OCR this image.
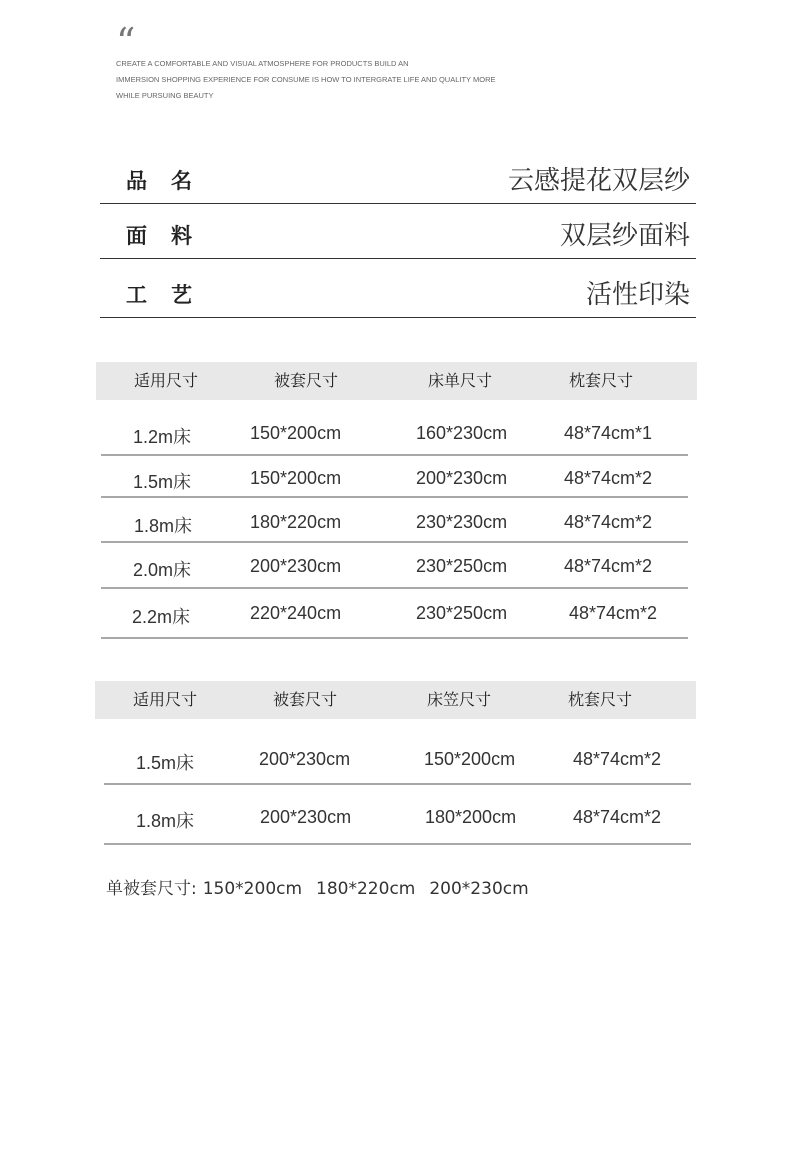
“
CREATE A COMFORTABLE AND VISUAL ATMOSPHERE FOR PRODUCTS BUILD AN
IMMERSION SHOPPING EXPERIENCE FOR CONSUME IS HOW TO INTERGRATE LIFE AND QUALITY MORE
WHILE PURSUING BEAUTY
品名	云感提花双层纱
面料	双层纱面料
工艺	活性印染
适用尺寸	被套尺寸	床单尺寸	枕套尺寸
1.2m床	150*200cm	160*230cm	48*74cm*1
1.5m床	150*200cm	200*230cm	48*74cm*2
1.8m床	180*220cm	230*230cm	48*74cm*2
2.0m床	200*230cm	230*250cm	48*74cm*2
2.2m床	220*240cm	230*250cm	48*74cm*2
适用尺寸	被套尺寸	床笠尺寸	枕套尺寸
1.5m床	200*230cm	150*200cm	48*74cm*2
1.8m床	200*230cm	180*200cm	48*74cm*2
单被套尺寸: 150*200cm 180*220cm 200*230cm
